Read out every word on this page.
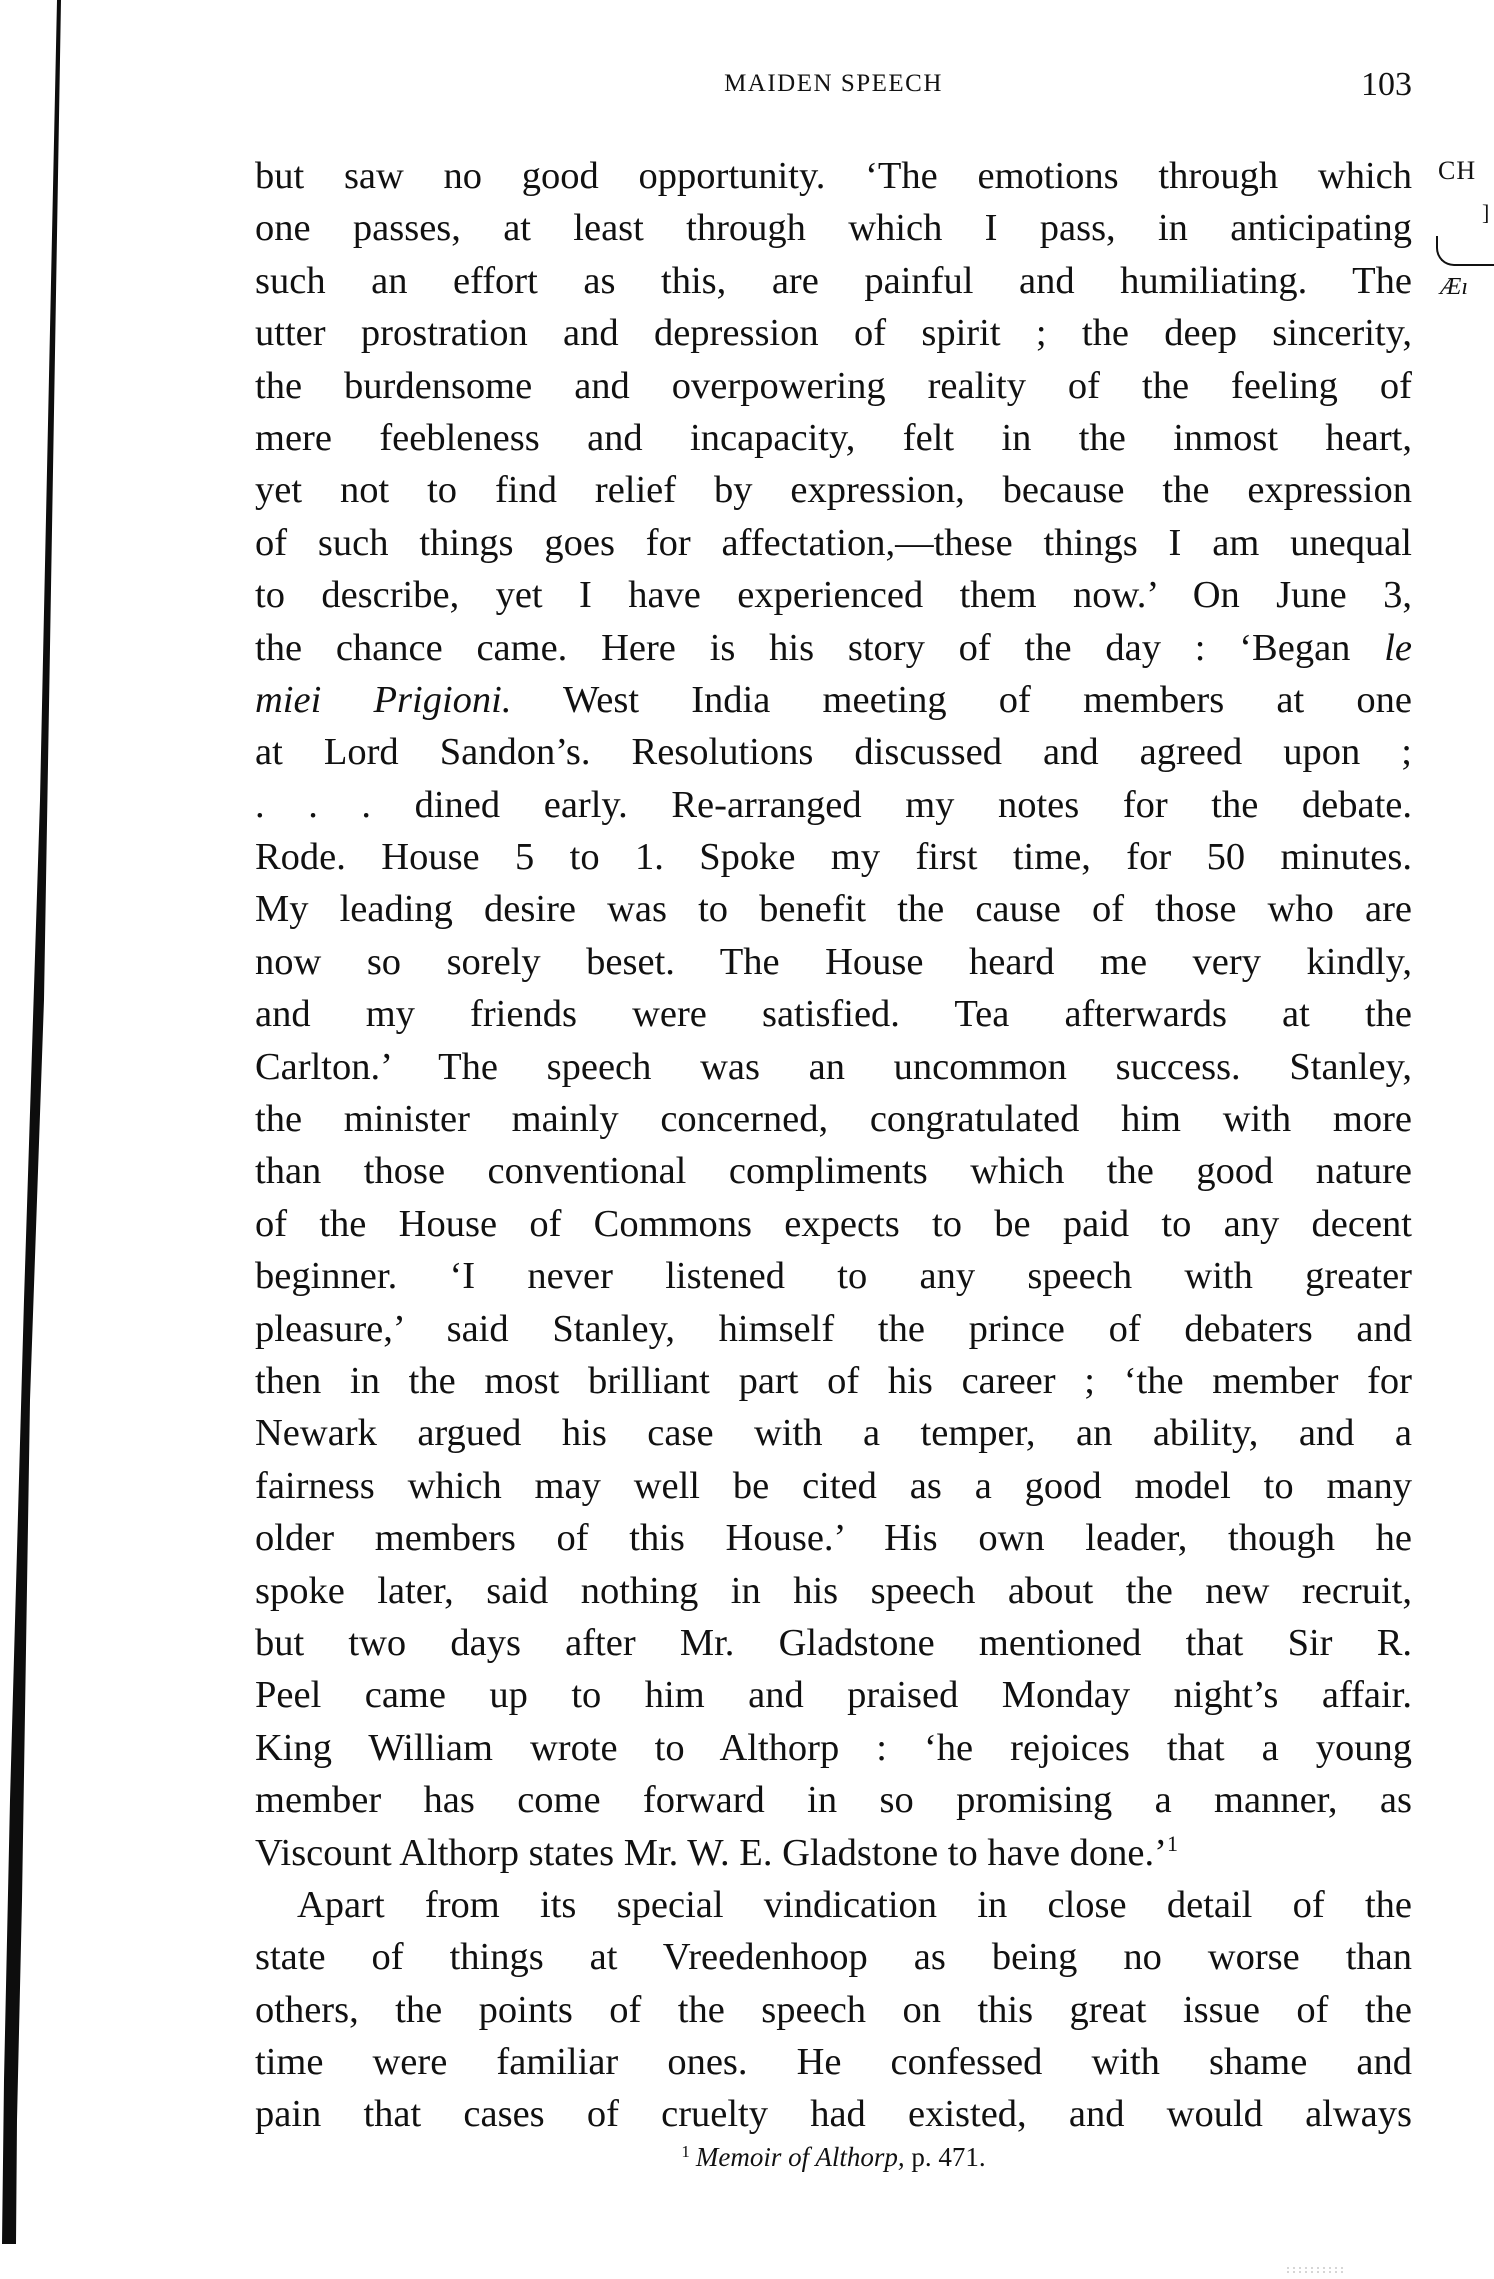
MAIDEN SPEECH	103
but saw no good opportunity. ‘The emotions through which
one passes, at least through which I pass, in anticipating
such an effort as this, are painful and humiliating. The
utter prostration and depression of spirit ; the deep sincerity,
the burdensome and overpowering reality of the feeling of
mere feebleness and incapacity, felt in the inmost heart,
yet not to find relief by expression, because the expression
of such things goes for affectation,—these things I am unequal
to describe, yet I have experienced them now.’ On June 3,
the chance came. Here is his story of the day : ‘Began le
miei Prigioni. West India meeting of members at one
at Lord Sandon’s. Resolutions discussed and agreed upon ;
. . . dined early. Re-arranged my notes for the debate.
Rode. House 5 to 1. Spoke my first time, for 50 minutes.
My leading desire was to benefit the cause of those who are
now so sorely beset. The House heard me very kindly,
and my friends were satisfied. Tea afterwards at the
Carlton.’ The speech was an uncommon success. Stanley,
the minister mainly concerned, congratulated him with more
than those conventional compliments which the good nature
of the House of Commons expects to be paid to any decent
beginner. ‘I never listened to any speech with greater
pleasure,’ said Stanley, himself the prince of debaters and
then in the most brilliant part of his career ; ‘the member for
Newark argued his case with a temper, an ability, and a
fairness which may well be cited as a good model to many
older members of this House.’ His own leader, though he
spoke later, said nothing in his speech about the new recruit,
but two days after Mr. Gladstone mentioned that Sir R.
Peel came up to him and praised Monday night’s affair.
King William wrote to Althorp : ‘he rejoices that a young
member has come forward in so promising a manner, as
Viscount Althorp states Mr. W. E. Gladstone to have done.’$^1$
Apart from its special vindication in close detail of the
state of things at Vreedenhoop as being no worse than
others, the points of the speech on this great issue of the
time were familiar ones. He confessed with shame and
pain that cases of cruelty had existed, and would always
CH
]
Æı
$^1$ Memoir of Althorp, p. 471.
